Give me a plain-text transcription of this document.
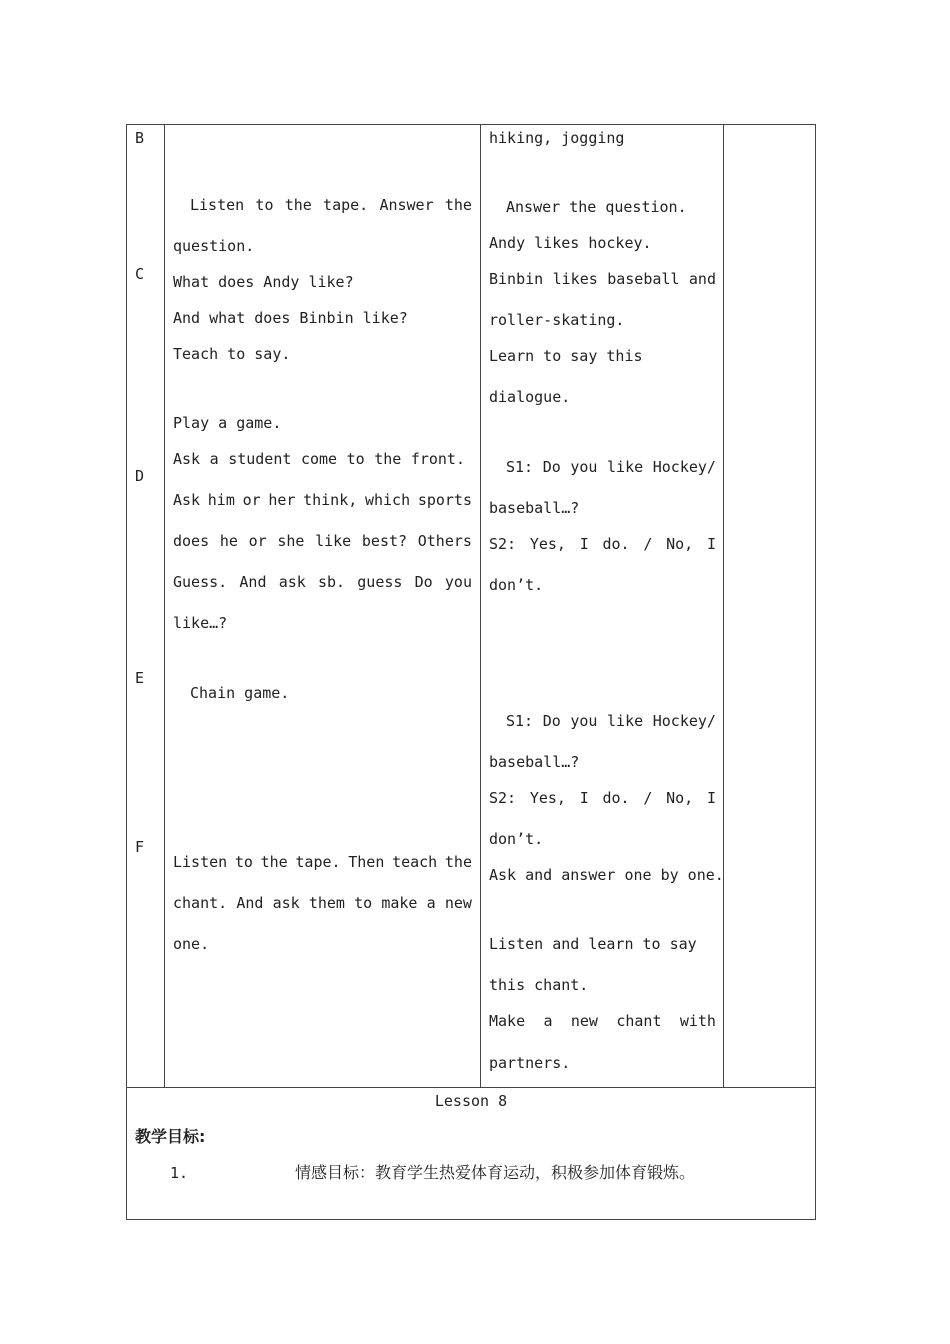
B
C
D
E
F
Listen to the tape. Answer the
question.
What does Andy like?
And what does Binbin like?
Teach to say.
Play a game.
Ask a student come to the front.
Ask him or her think, which sports
does he or she like best? Others
Guess. And ask sb. guess Do you
like…?
Chain game.
Listen to the tape. Then teach the
chant. And ask them to make a new
one.
hiking, jogging
Answer the question.
Andy likes hockey.
Binbin likes baseball and
roller-skating.
Learn to say this
dialogue.
S1: Do you like Hockey/
baseball…?
S2: Yes, I do. / No, I
don’t.
S1: Do you like Hockey/
baseball…?
S2: Yes, I do. / No, I
don’t.
Ask and answer one by one.
Listen and learn to say
this chant.
Make a new chant with
partners.
Lesson 8
教学目标:
1.	情感目标：教育学生热爱体育运动，积极参加体育锻炼。
